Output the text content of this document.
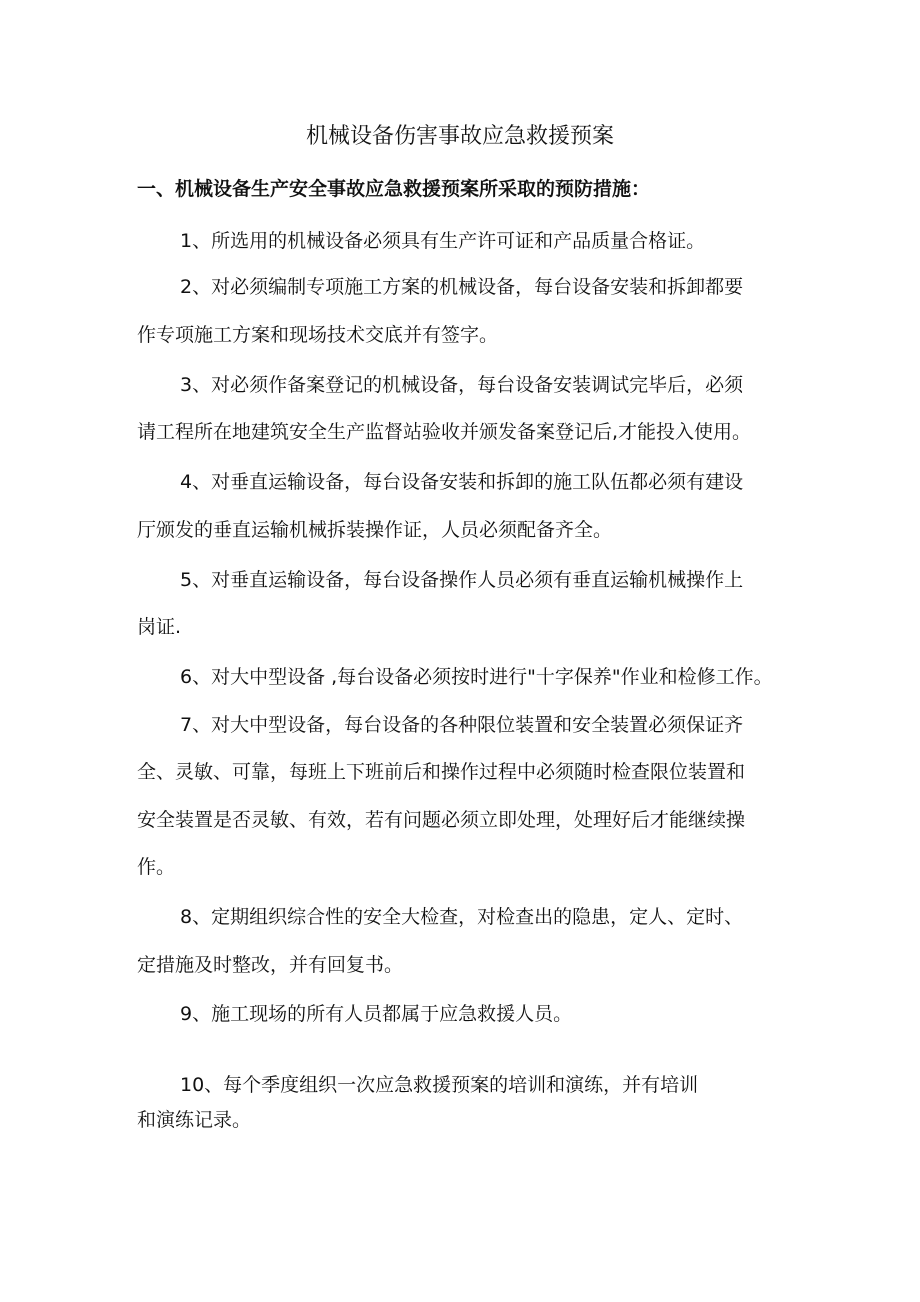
机械设备伤害事故应急救援预案
一、机械设备生产安全事故应急救援预案所采取的预防措施：
1、所选用的机械设备必须具有生产许可证和产品质量合格证。
2、对必须编制专项施工方案的机械设备，每台设备安装和拆卸都要
作专项施工方案和现场技术交底并有签字。
3、对必须作备案登记的机械设备，每台设备安装调试完毕后，必须
请工程所在地建筑安全生产监督站验收并颁发备案登记后,才能投入使用。
4、对垂直运输设备，每台设备安装和拆卸的施工队伍都必须有建设
厅颁发的垂直运输机械拆装操作证，人员必须配备齐全。
5、对垂直运输设备，每台设备操作人员必须有垂直运输机械操作上
岗证.
6、对大中型设备 ,每台设备必须按时进行"十字保养"作业和检修工作。
7、对大中型设备，每台设备的各种限位装置和安全装置必须保证齐
全、灵敏、可靠，每班上下班前后和操作过程中必须随时检查限位装置和
安全装置是否灵敏、有效，若有问题必须立即处理，处理好后才能继续操
作。
8、定期组织综合性的安全大检查，对检查出的隐患，定人、定时、
定措施及时整改，并有回复书。
9、施工现场的所有人员都属于应急救援人员。
10、每个季度组织一次应急救援预案的培训和演练，并有培训
和演练记录。
